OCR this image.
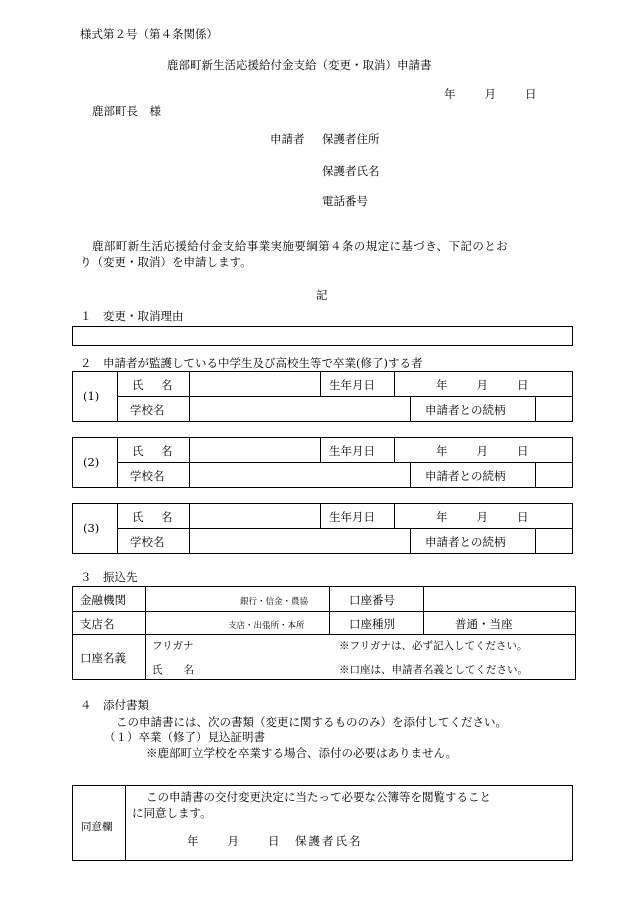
様式第２号（第４条関係）
鹿部町新生活応援給付金支給（変更・取消）申請書
年　　月　　日
鹿部町長　様
申請者 保護者住所
保護者氏名
電話番号
鹿部町新生活応援給付金支給事業実施要綱第４条の規定に基づき、下記のとお
り（変更・取消）を申請します。
記
１　変更・取消理由
２　申請者が監護している中学生及び高校生等で卒業(修了)する者
(1)
氏　名	生年月日	年　　月　　日
学校名	申請者との続柄
(2)
氏　名	生年月日	年　　月　　日
学校名	申請者との続柄
(3)
氏　名	生年月日	年　　月　　日
学校名	申請者との続柄
３　振込先
金融機関	銀行・信金・農協	口座番号
支店名	支店・出張所・本所	口座種別	普通・当座
口座名義
フリガナ	※フリガナは、必ず記入してください。
氏　　名	※口座は、申請者名義としてください。
４　添付書類
この申請書には、次の書類（変更に関するもののみ）を添付してください。
（１）卒業（修了）見込証明書
※鹿部町立学校を卒業する場合、添付の必要はありません。
同意欄
この申請書の交付変更決定に当たって必要な公簿等を閲覧すること
に同意します。
年　　月　　日　保護者氏名
